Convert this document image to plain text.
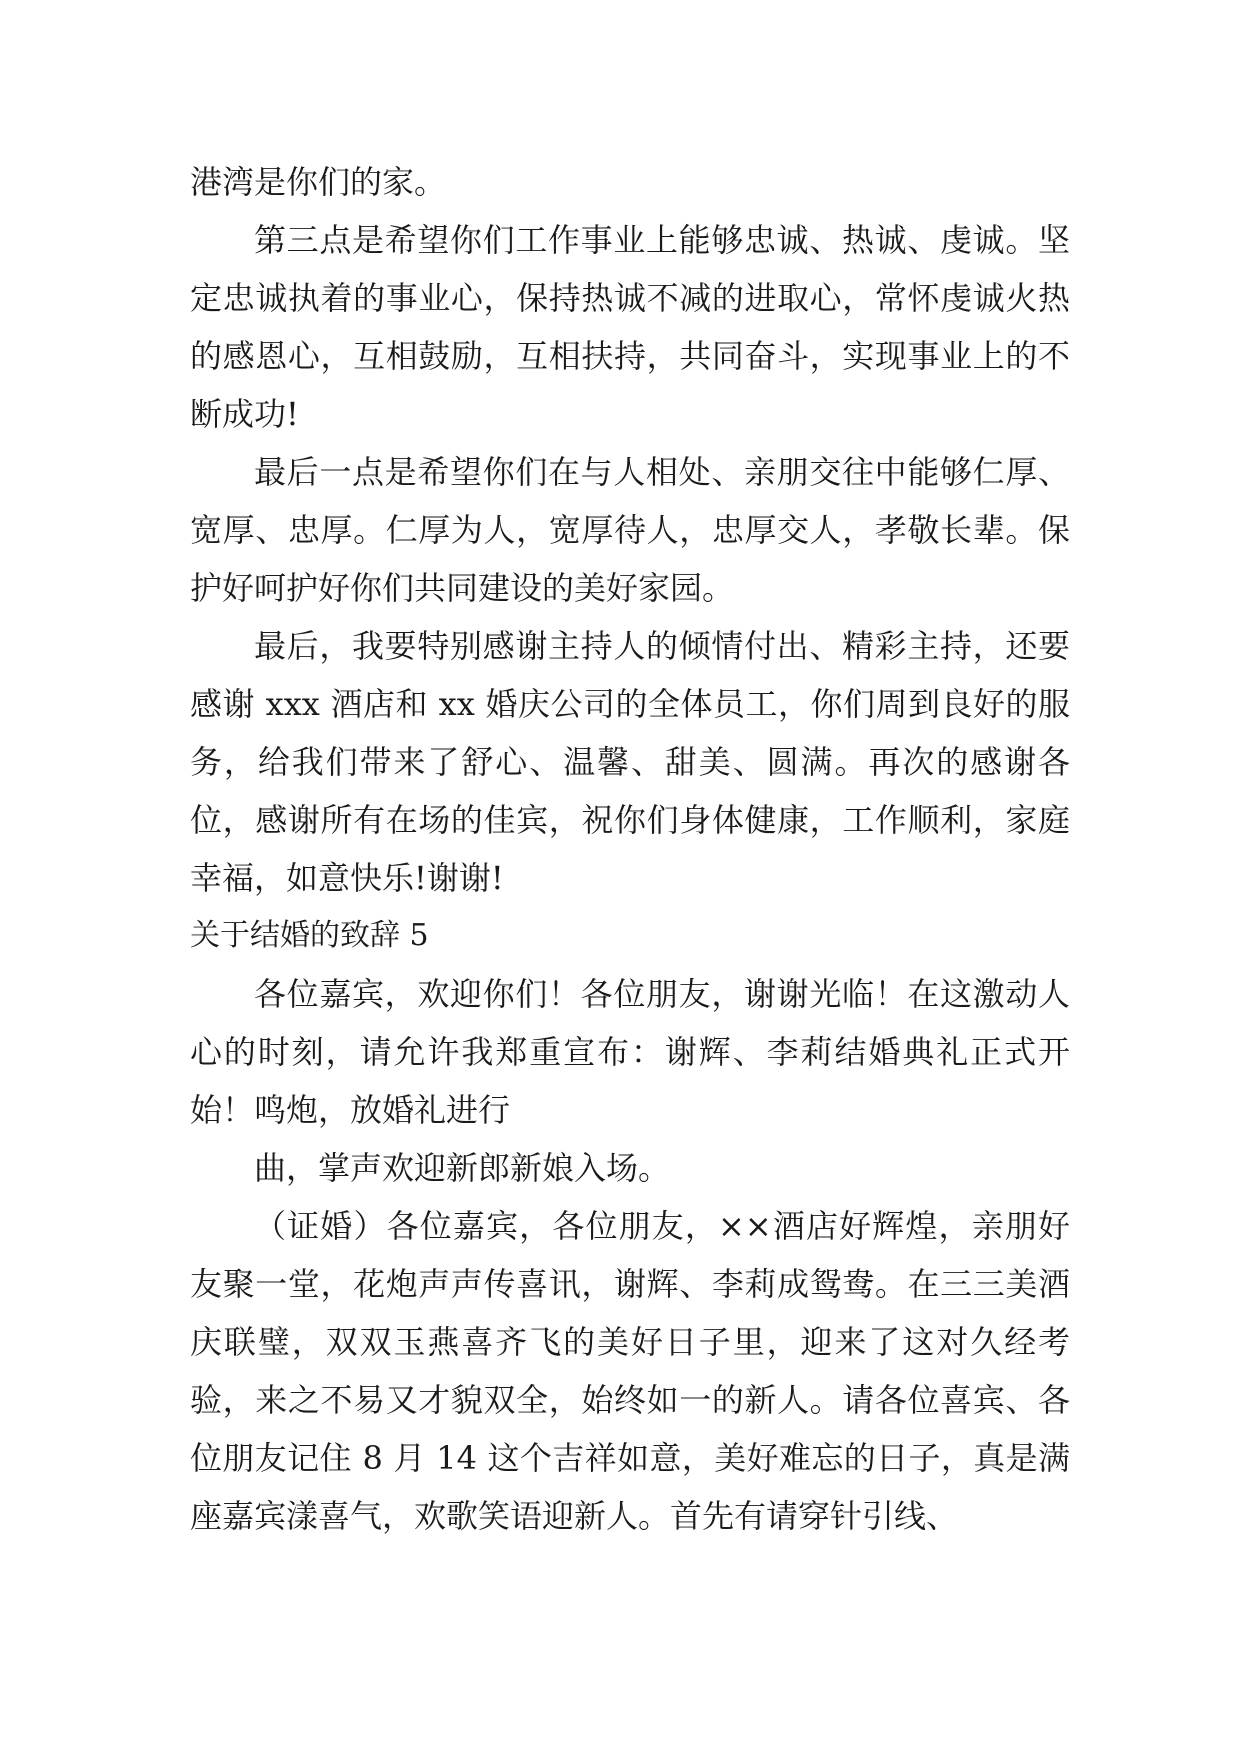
港湾是你们的家。

第三点是希望你们工作事业上能够忠诚、热诚、虔诚。坚定忠诚执着的事业心，保持热诚不减的进取心，常怀虔诚火热的感恩心，互相鼓励，互相扶持，共同奋斗，实现事业上的不断成功!

最后一点是希望你们在与人相处、亲朋交往中能够仁厚、宽厚、忠厚。仁厚为人，宽厚待人，忠厚交人，孝敬长辈。保护好呵护好你们共同建设的美好家园。

最后，我要特别感谢主持人的倾情付出、精彩主持，还要感谢 xxx 酒店和 xx 婚庆公司的全体员工，你们周到良好的服务，给我们带来了舒心、温馨、甜美、圆满。再次的感谢各位，感谢所有在场的佳宾，祝你们身体健康，工作顺利，家庭幸福，如意快乐!谢谢!

关于结婚的致辞 5

各位嘉宾，欢迎你们！各位朋友，谢谢光临！在这激动人心的时刻，请允许我郑重宣布：谢辉、李莉结婚典礼正式开始！鸣炮，放婚礼进行

曲，掌声欢迎新郎新娘入场。

（证婚）各位嘉宾，各位朋友，××酒店好辉煌，亲朋好友聚一堂，花炮声声传喜讯，谢辉、李莉成鸳鸯。在三三美酒庆联璧，双双玉燕喜齐飞的美好日子里，迎来了这对久经考验，来之不易又才貌双全，始终如一的新人。请各位喜宾、各位朋友记住 8 月 14 这个吉祥如意，美好难忘的日子，真是满座嘉宾漾喜气，欢歌笑语迎新人。首先有请穿针引线、
